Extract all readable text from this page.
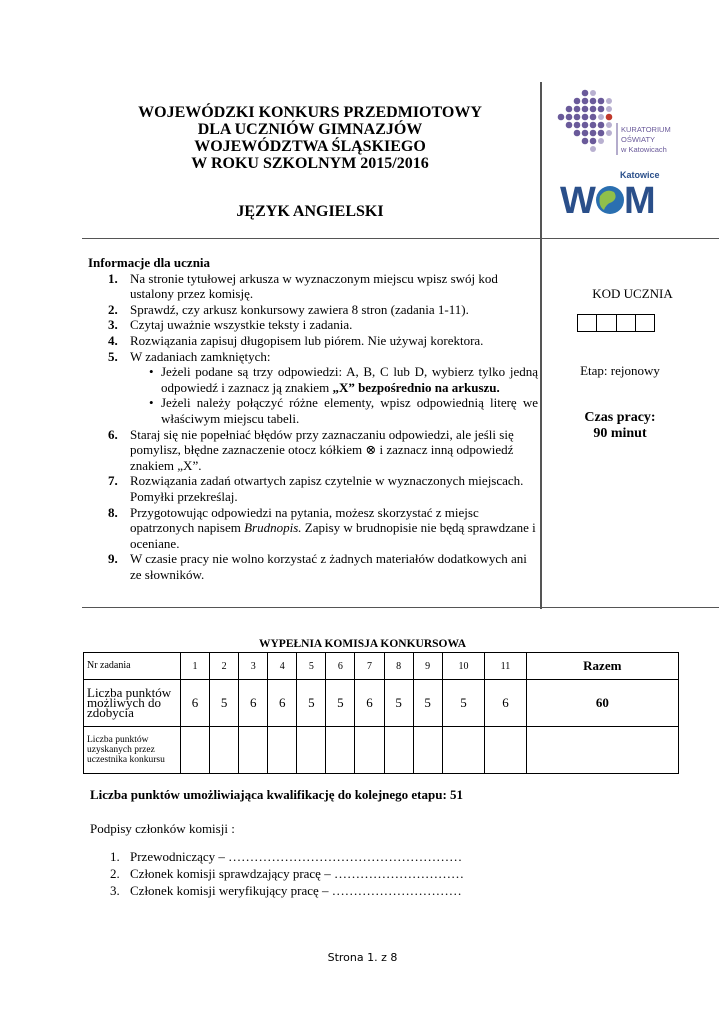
WOJEWÓDZKI KONKURS PRZEDMIOTOWY
DLA UCZNIÓW GIMNAZJÓW
WOJEWÓDZTWA ŚLĄSKIEGO
W ROKU SZKOLNYM 2015/2016
JĘZYK ANGIELSKI
KURATORIUM
OŚWIATY
w Katowicach
Katowice
W M
Informacje dla ucznia
1. Na stronie tytułowej arkusza w wyznaczonym miejscu wpisz swój kod ustalony przez komisję.
2. Sprawdź, czy arkusz konkursowy zawiera 8 stron (zadania 1-11).
3. Czytaj uważnie wszystkie teksty i zadania.
4. Rozwiązania zapisuj długopisem lub piórem. Nie używaj korektora.
5. W zadaniach zamkniętych:
• Jeżeli podane są trzy odpowiedzi: A, B, C lub D, wybierz tylko jedną odpowiedź i zaznacz ją znakiem „X” bezpośrednio na arkuszu.
• Jeżeli należy połączyć różne elementy, wpisz odpowiednią literę we właściwym miejscu tabeli.
6. Staraj się nie popełniać błędów przy zaznaczaniu odpowiedzi, ale jeśli się pomylisz, błędne zaznaczenie otocz kółkiem ⊗ i zaznacz inną odpowiedź znakiem „X”.
7. Rozwiązania zadań otwartych zapisz czytelnie w wyznaczonych miejscach. Pomyłki przekreślaj.
8. Przygotowując odpowiedzi na pytania, możesz skorzystać z miejsc opatrzonych napisem Brudnopis. Zapisy w brudnopisie nie będą sprawdzane i oceniane.
9. W czasie pracy nie wolno korzystać z żadnych materiałów dodatkowych ani ze słowników.
KOD UCZNIA
Etap: rejonowy
Czas pracy:
90 minut
WYPEŁNIA KOMISJA KONKURSOWA
Nr zadania	1	2	3	4	5	6	7	8	9	10	11	Razem
Liczba punktów możliwych do zdobycia	6	5	6	6	5	5	6	5	5	5	6	60
Liczba punktów uzyskanych przez uczestnika konkursu												
Liczba punktów umożliwiająca kwalifikację do kolejnego etapu: 51
Podpisy członków komisji :
1. Przewodniczący – ………………………………………………
2. Członek komisji sprawdzający pracę – …………………………
3. Członek komisji weryfikujący pracę – …………………………
Strona 1. z 8
